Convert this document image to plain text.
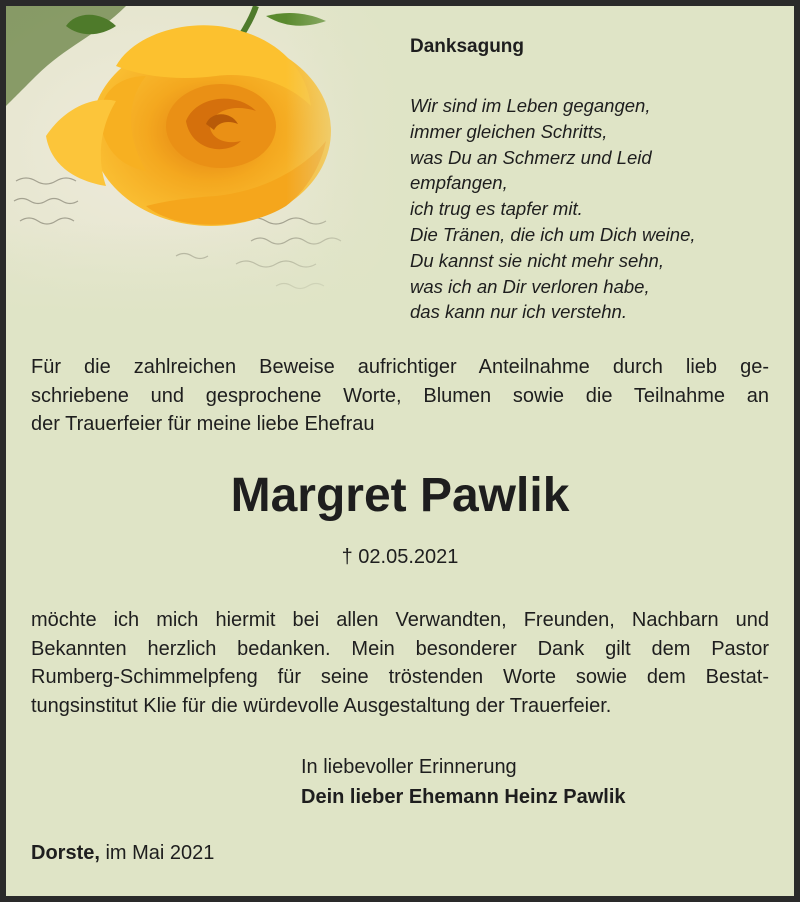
Danksagung
Wir sind im Leben gegangen,
immer gleichen Schritts,
was Du an Schmerz und Leid
empfangen,
ich trug es tapfer mit.
Die Tränen, die ich um Dich weine,
Du kannst sie nicht mehr sehn,
was ich an Dir verloren habe,
das kann nur ich verstehn.
Für die zahlreichen Beweise aufrichtiger Anteilnahme durch lieb ge-
schriebene und gesprochene Worte, Blumen sowie die Teilnahme an
der Trauerfeier für meine liebe Ehefrau
Margret Pawlik
† 02.05.2021
möchte ich mich hiermit bei allen Verwandten, Freunden, Nachbarn und
Bekannten herzlich bedanken. Mein besonderer Dank gilt dem Pastor
Rumberg-Schimmelpfeng für seine tröstenden Worte sowie dem Bestat-
tungsinstitut Klie für die würdevolle Ausgestaltung der Trauerfeier.
In liebevoller Erinnerung
Dein lieber Ehemann Heinz Pawlik
Dorste, im Mai 2021
